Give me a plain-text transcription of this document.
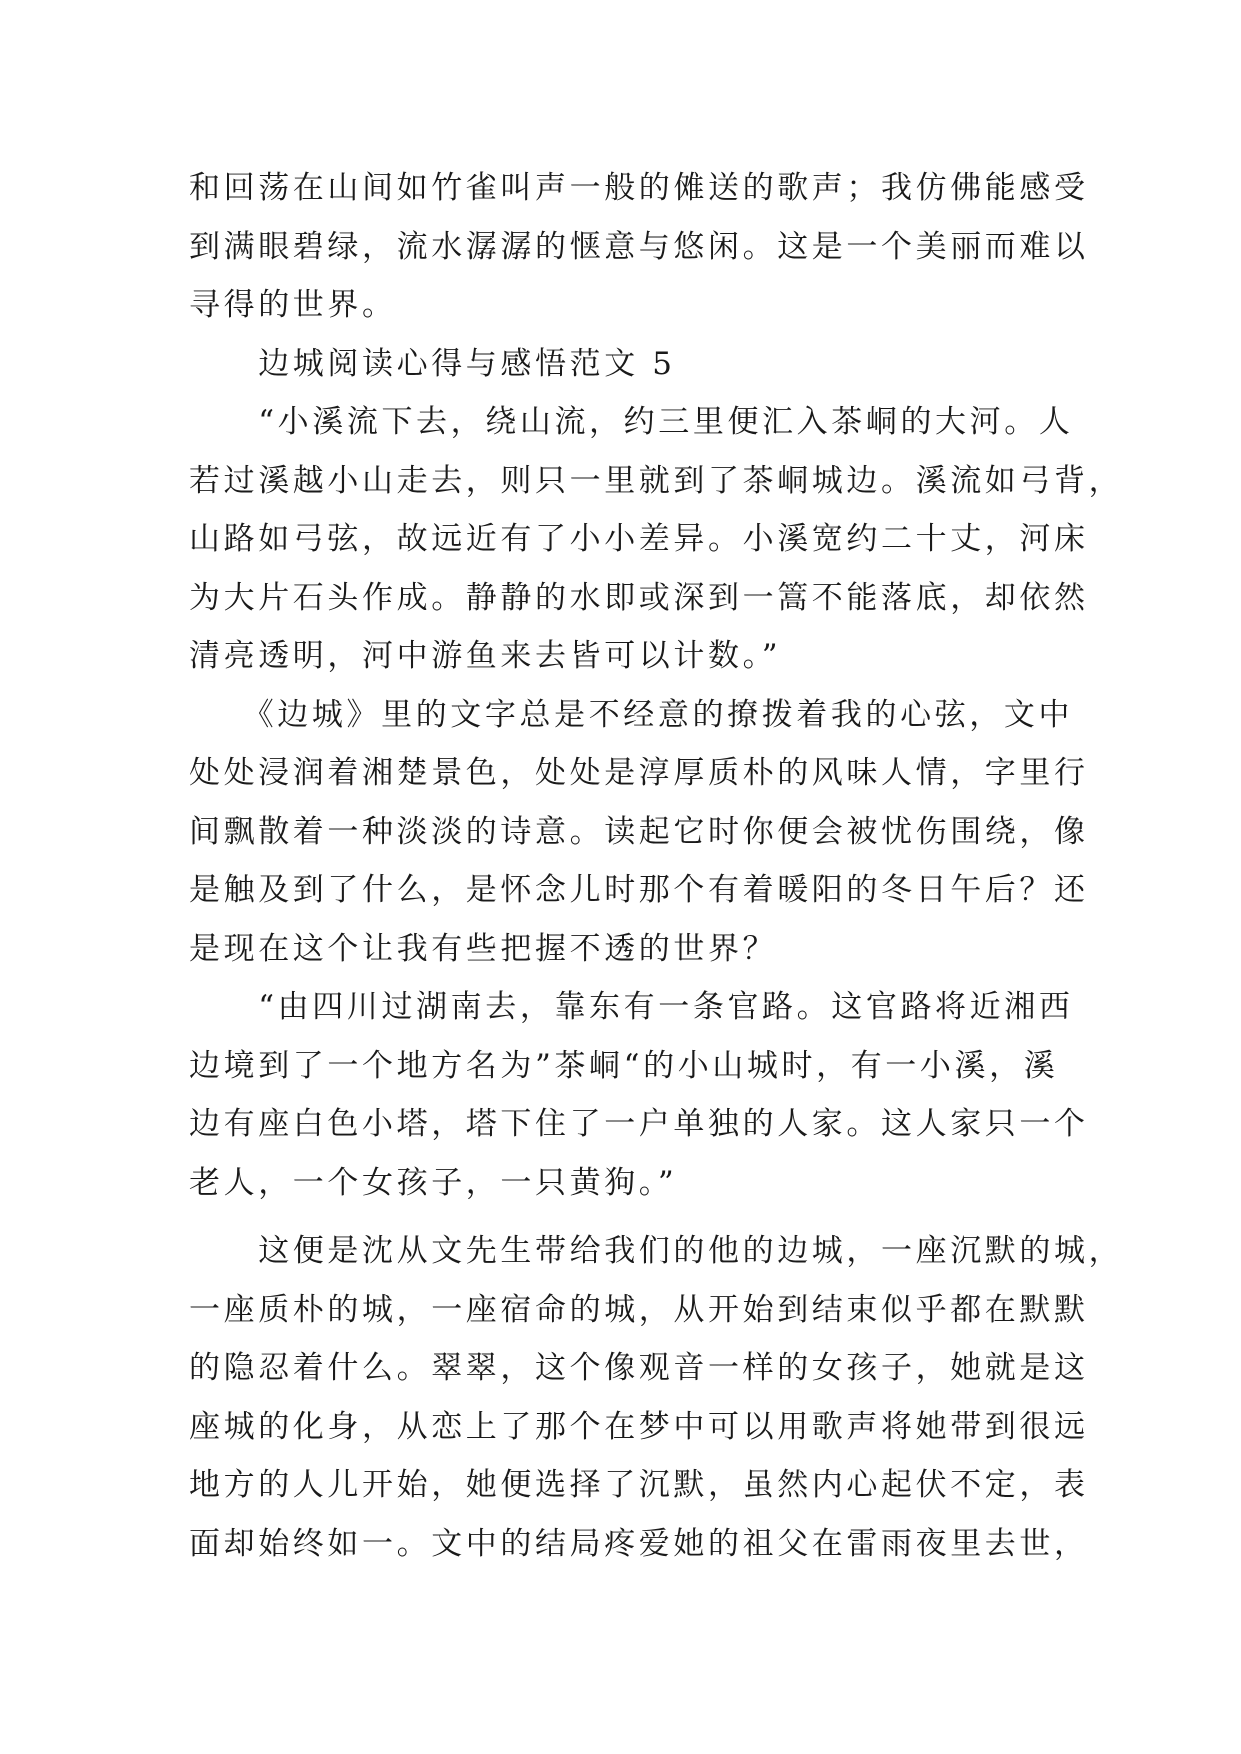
和回荡在山间如竹雀叫声一般的傩送的歌声；我仿佛能感受
到满眼碧绿，流水潺潺的惬意与悠闲。这是一个美丽而难以
寻得的世界。
　　边城阅读心得与感悟范文 5
　　“小溪流下去，绕山流，约三里便汇入茶峒的大河。人
若过溪越小山走去，则只一里就到了茶峒城边。溪流如弓背，
山路如弓弦，故远近有了小小差异。小溪宽约二十丈，河床
为大片石头作成。静静的水即或深到一篙不能落底，却依然
清亮透明，河中游鱼来去皆可以计数。”
　　《边城》里的文字总是不经意的撩拨着我的心弦，文中
处处浸润着湘楚景色，处处是淳厚质朴的风味人情，字里行
间飘散着一种淡淡的诗意。读起它时你便会被忧伤围绕，像
是触及到了什么，是怀念儿时那个有着暖阳的冬日午后？还
是现在这个让我有些把握不透的世界？
　　“由四川过湖南去，靠东有一条官路。这官路将近湘西
边境到了一个地方名为”茶峒“的小山城时，有一小溪，溪
边有座白色小塔，塔下住了一户单独的人家。这人家只一个
老人，一个女孩子，一只黄狗。”
　　这便是沈从文先生带给我们的他的边城，一座沉默的城，
一座质朴的城，一座宿命的城，从开始到结束似乎都在默默
的隐忍着什么。翠翠，这个像观音一样的女孩子，她就是这
座城的化身，从恋上了那个在梦中可以用歌声将她带到很远
地方的人儿开始，她便选择了沉默，虽然内心起伏不定，表
面却始终如一。文中的结局疼爱她的祖父在雷雨夜里去世，
